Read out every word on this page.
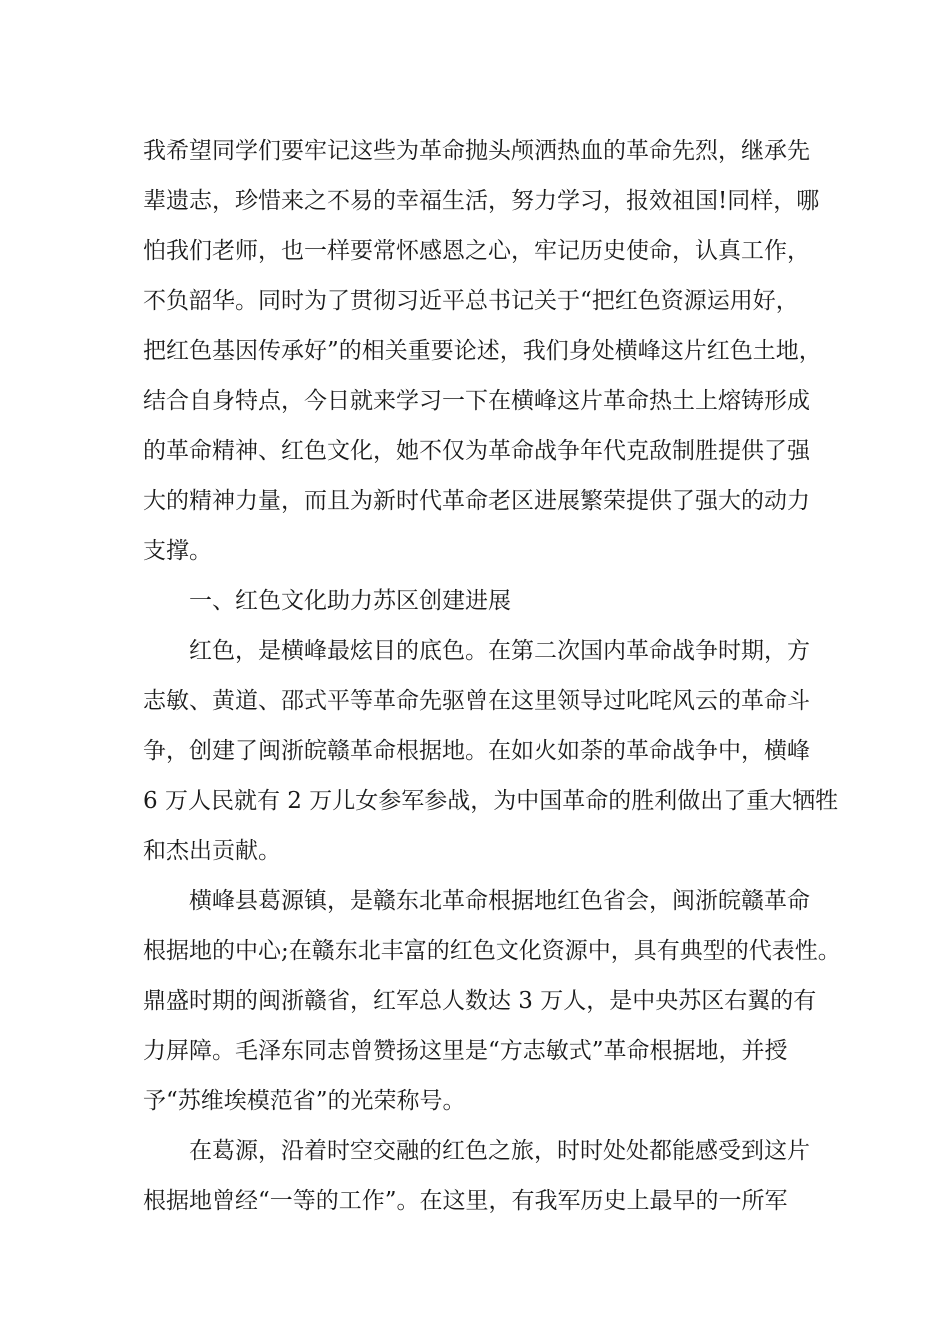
我希望同学们要牢记这些为革命抛头颅洒热血的革命先烈，继承先
辈遗志，珍惜来之不易的幸福生活，努力学习，报效祖国!同样，哪
怕我们老师，也一样要常怀感恩之心，牢记历史使命，认真工作，
不负韶华。同时为了贯彻习近平总书记关于“把红色资源运用好，
把红色基因传承好”的相关重要论述，我们身处横峰这片红色土地，
结合自身特点，今日就来学习一下在横峰这片革命热土上熔铸形成
的革命精神、红色文化，她不仅为革命战争年代克敌制胜提供了强
大的精神力量，而且为新时代革命老区进展繁荣提供了强大的动力
支撑。
一、红色文化助力苏区创建进展
红色，是横峰最炫目的底色。在第二次国内革命战争时期，方
志敏、黄道、邵式平等革命先驱曾在这里领导过叱咤风云的革命斗
争，创建了闽浙皖赣革命根据地。在如火如荼的革命战争中，横峰
6 万人民就有 2 万儿女参军参战，为中国革命的胜利做出了重大牺牲
和杰出贡献。
横峰县葛源镇，是赣东北革命根据地红色省会，闽浙皖赣革命
根据地的中心;在赣东北丰富的红色文化资源中，具有典型的代表性。
鼎盛时期的闽浙赣省，红军总人数达 3 万人，是中央苏区右翼的有
力屏障。毛泽东同志曾赞扬这里是“方志敏式”革命根据地，并授
予“苏维埃模范省”的光荣称号。
在葛源，沿着时空交融的红色之旅，时时处处都能感受到这片
根据地曾经“一等的工作”。在这里，有我军历史上最早的一所军
